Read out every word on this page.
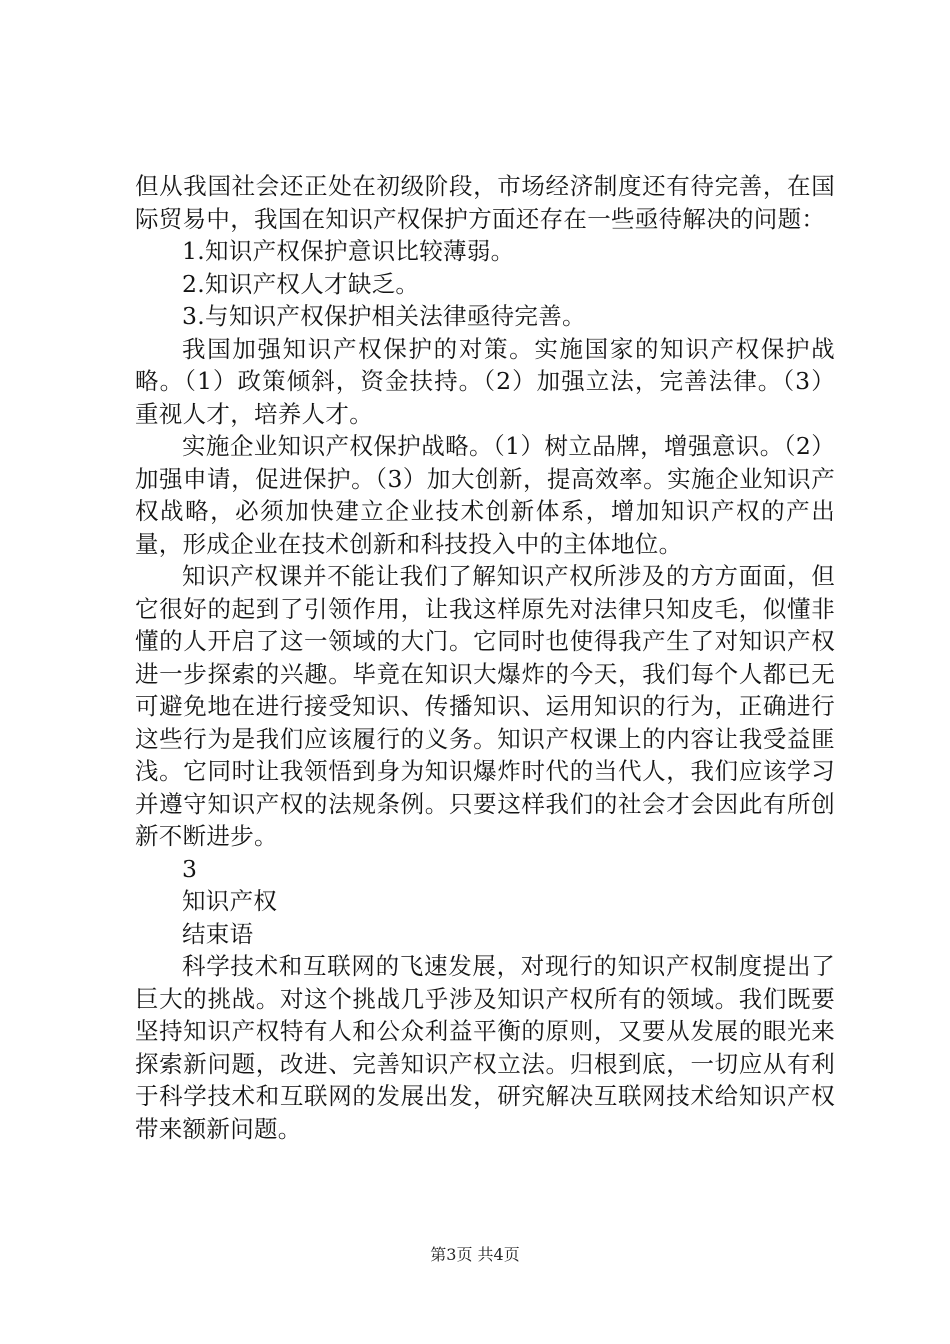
但从我国社会还正处在初级阶段，市场经济制度还有待完善，在国际贸易中，我国在知识产权保护方面还存在一些亟待解决的问题：

1.知识产权保护意识比较薄弱。

2.知识产权人才缺乏。

3.与知识产权保护相关法律亟待完善。

我国加强知识产权保护的对策。实施国家的知识产权保护战略。（1）政策倾斜，资金扶持。（2）加强立法，完善法律。（3）重视人才，培养人才。

实施企业知识产权保护战略。（1）树立品牌，增强意识。（2）加强申请，促进保护。（3）加大创新，提高效率。实施企业知识产权战略，必须加快建立企业技术创新体系，增加知识产权的产出量，形成企业在技术创新和科技投入中的主体地位。

知识产权课并不能让我们了解知识产权所涉及的方方面面，但它很好的起到了引领作用，让我这样原先对法律只知皮毛，似懂非懂的人开启了这一领域的大门。它同时也使得我产生了对知识产权进一步探索的兴趣。毕竟在知识大爆炸的今天，我们每个人都已无可避免地在进行接受知识、传播知识、运用知识的行为，正确进行这些行为是我们应该履行的义务。知识产权课上的内容让我受益匪浅。它同时让我领悟到身为知识爆炸时代的当代人，我们应该学习并遵守知识产权的法规条例。只要这样我们的社会才会因此有所创新不断进步。

3

知识产权

结束语

科学技术和互联网的飞速发展，对现行的知识产权制度提出了巨大的挑战。对这个挑战几乎涉及知识产权所有的领域。我们既要坚持知识产权特有人和公众利益平衡的原则，又要从发展的眼光来探索新问题，改进、完善知识产权立法。归根到底，一切应从有利于科学技术和互联网的发展出发，研究解决互联网技术给知识产权带来额新问题。

第3页 共4页
